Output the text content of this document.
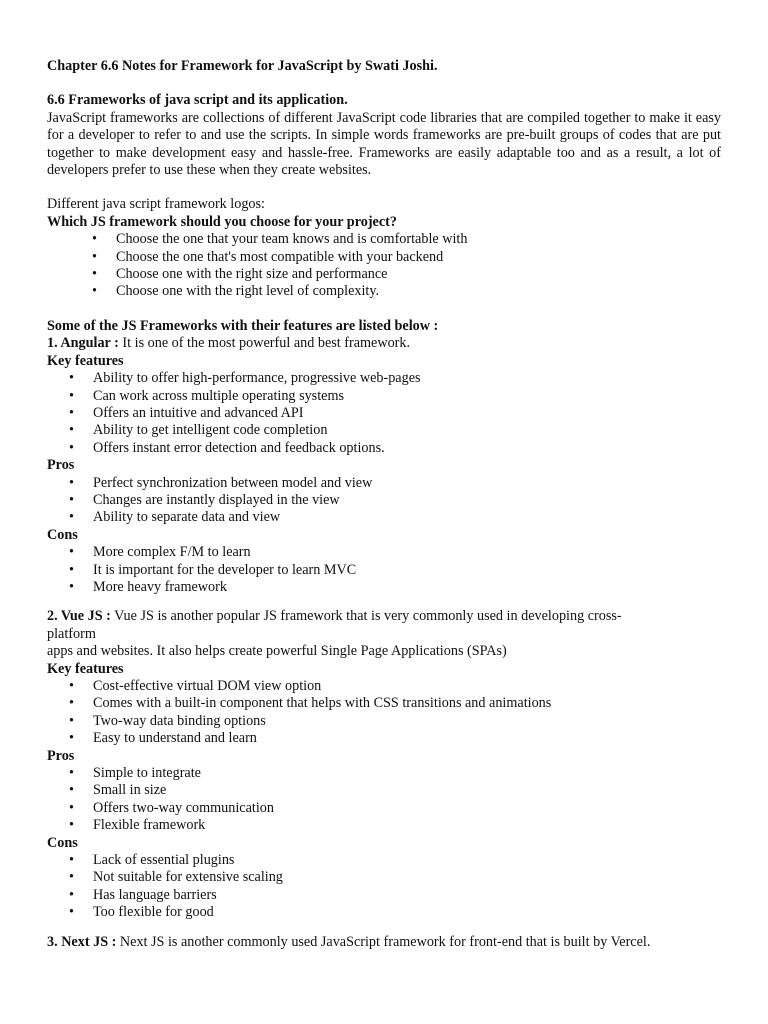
Chapter 6.6 Notes for Framework for JavaScript by Swati Joshi.

6.6 Frameworks of java script and its application.

JavaScript frameworks are collections of different JavaScript code libraries that are compiled together to make it easy for a developer to refer to and use the scripts. In simple words frameworks are pre-built groups of codes that are put together to make development easy and hassle-free. Frameworks are easily adaptable too and as a result, a lot of developers prefer to use these when they create websites.

Different java script framework logos:

Which JS framework should you choose for your project?

• Choose the one that your team knows and is comfortable with
• Choose the one that's most compatible with your backend
• Choose one with the right size and performance
• Choose one with the right level of complexity.

Some of the JS Frameworks with their features are listed below :

1. Angular : It is one of the most powerful and best framework.

Key features

• Ability to offer high-performance, progressive web-pages
• Can work across multiple operating systems
• Offers an intuitive and advanced API
• Ability to get intelligent code completion
• Offers instant error detection and feedback options.

Pros

• Perfect synchronization between model and view
• Changes are instantly displayed in the view
• Ability to separate data and view

Cons

• More complex F/M to learn
• It is important for the developer to learn MVC
• More heavy framework

2. Vue JS : Vue JS is another popular JS framework that is very commonly used in developing cross-

platform

apps and websites. It also helps create powerful Single Page Applications (SPAs)

Key features

• Cost-effective virtual DOM view option
• Comes with a built-in component that helps with CSS transitions and animations
• Two-way data binding options
• Easy to understand and learn

Pros

• Simple to integrate
• Small in size
• Offers two-way communication
• Flexible framework

Cons

• Lack of essential plugins
• Not suitable for extensive scaling
• Has language barriers
• Too flexible for good

3. Next JS : Next JS is another commonly used JavaScript framework for front-end that is built by Vercel.
